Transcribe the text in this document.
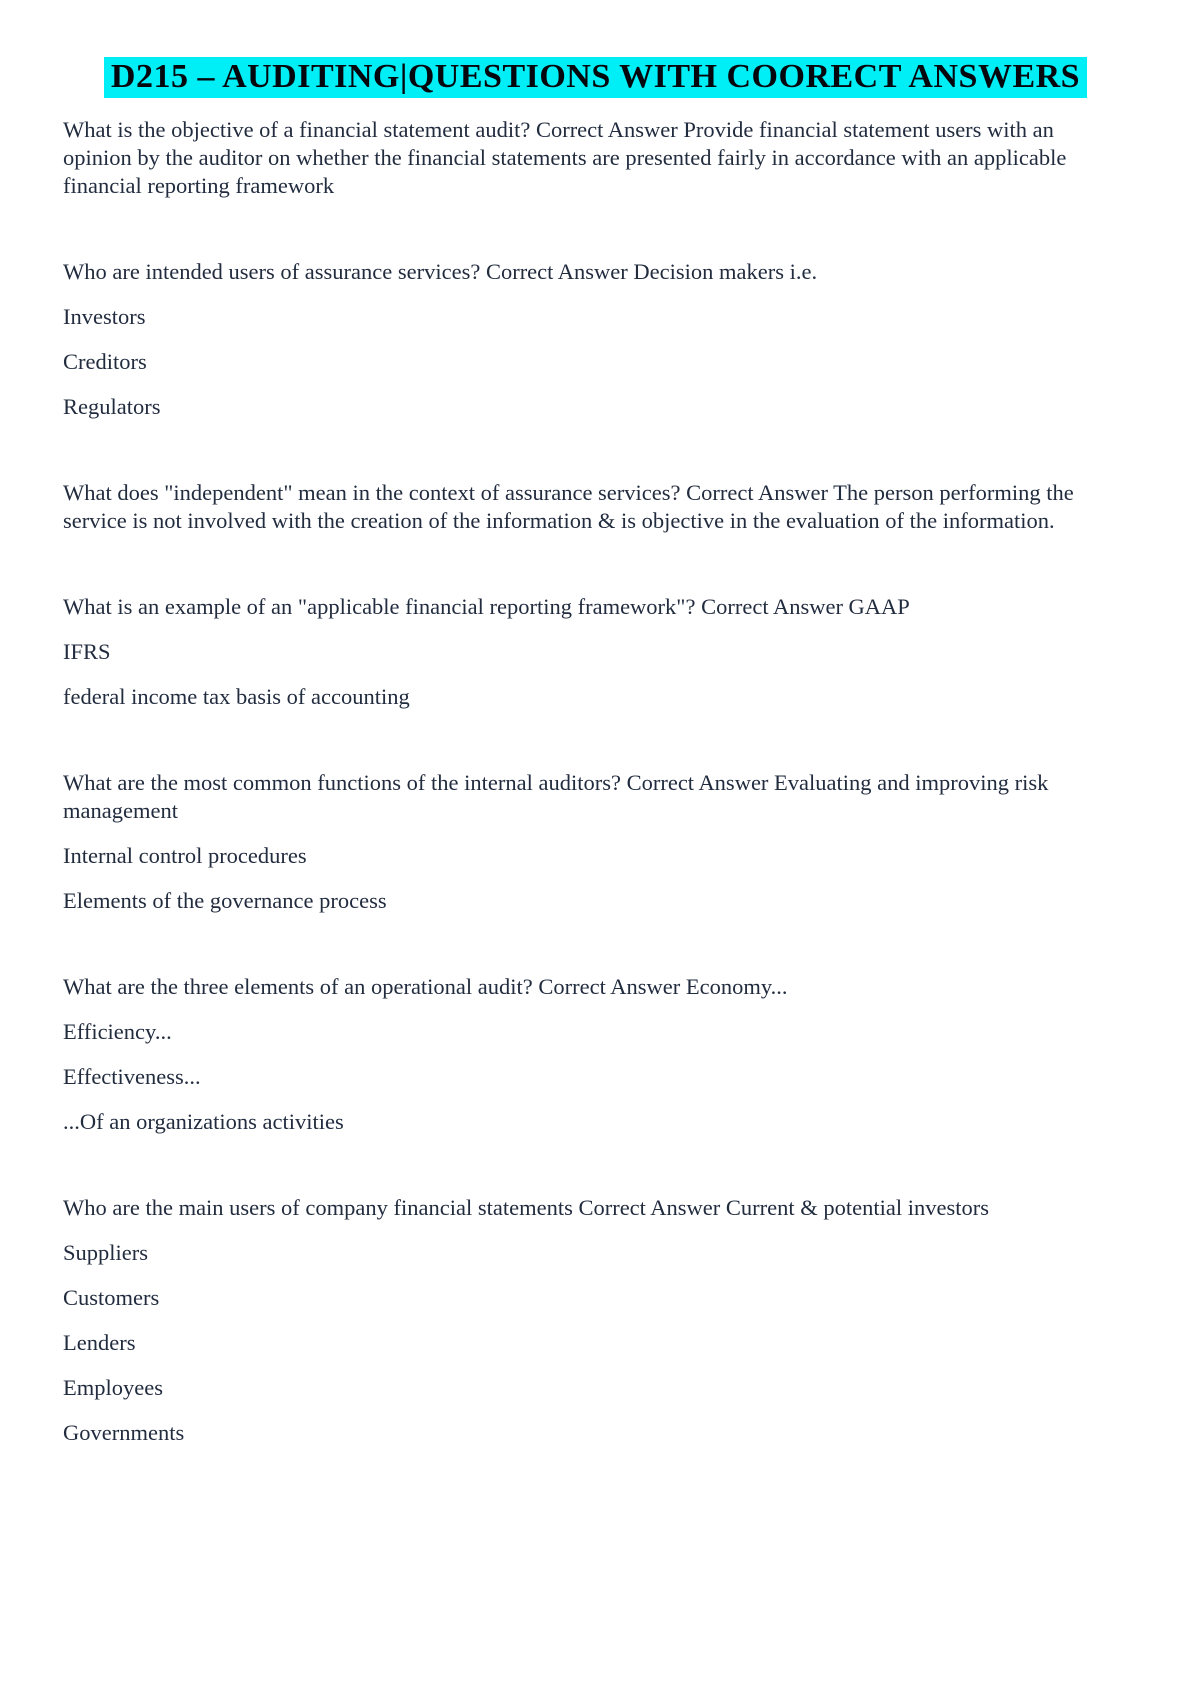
D215 – AUDITING|QUESTIONS WITH COORECT ANSWERS

What is the objective of a financial statement audit? Correct Answer Provide financial statement users with an opinion by the auditor on whether the financial statements are presented fairly in accordance with an applicable financial reporting framework

Who are intended users of assurance services? Correct Answer Decision makers i.e.

Investors

Creditors

Regulators

What does "independent" mean in the context of assurance services? Correct Answer The person performing the service is not involved with the creation of the information & is objective in the evaluation of the information.

What is an example of an "applicable financial reporting framework"? Correct Answer GAAP

IFRS

federal income tax basis of accounting

What are the most common functions of the internal auditors? Correct Answer Evaluating and improving risk management

Internal control procedures

Elements of the governance process

What are the three elements of an operational audit? Correct Answer Economy...

Efficiency...

Effectiveness...

...Of an organizations activities

Who are the main users of company financial statements Correct Answer Current & potential investors

Suppliers

Customers

Lenders

Employees

Governments
